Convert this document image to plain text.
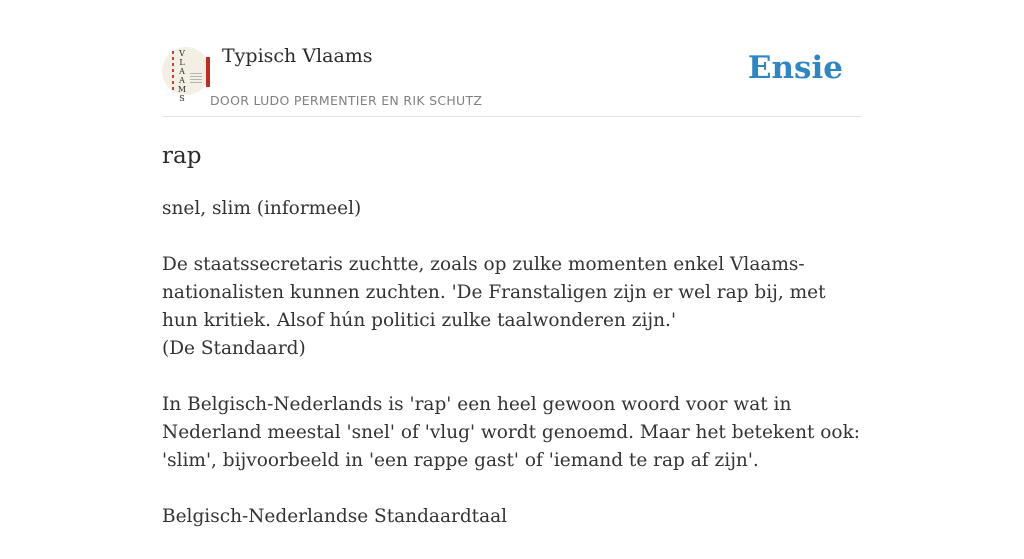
V
L
A
A
M
S
Typisch Vlaams
DOOR LUDO PERMENTIER EN RIK SCHUTZ
Ensie
rap

snel, slim (informeel)

De staatssecretaris zuchtte, zoals op zulke momenten enkel Vlaams-nationalisten kunnen zuchten. 'De Franstaligen zijn er wel rap bij, met hun kritiek. Alsof hún politici zulke taalwonderen zijn.'
(De Standaard)

In Belgisch-Nederlands is 'rap' een heel gewoon woord voor wat in Nederland meestal 'snel' of 'vlug' wordt genoemd. Maar het betekent ook: 'slim', bijvoorbeeld in 'een rappe gast' of 'iemand te rap af zijn'.

Belgisch-Nederlandse Standaardtaal
